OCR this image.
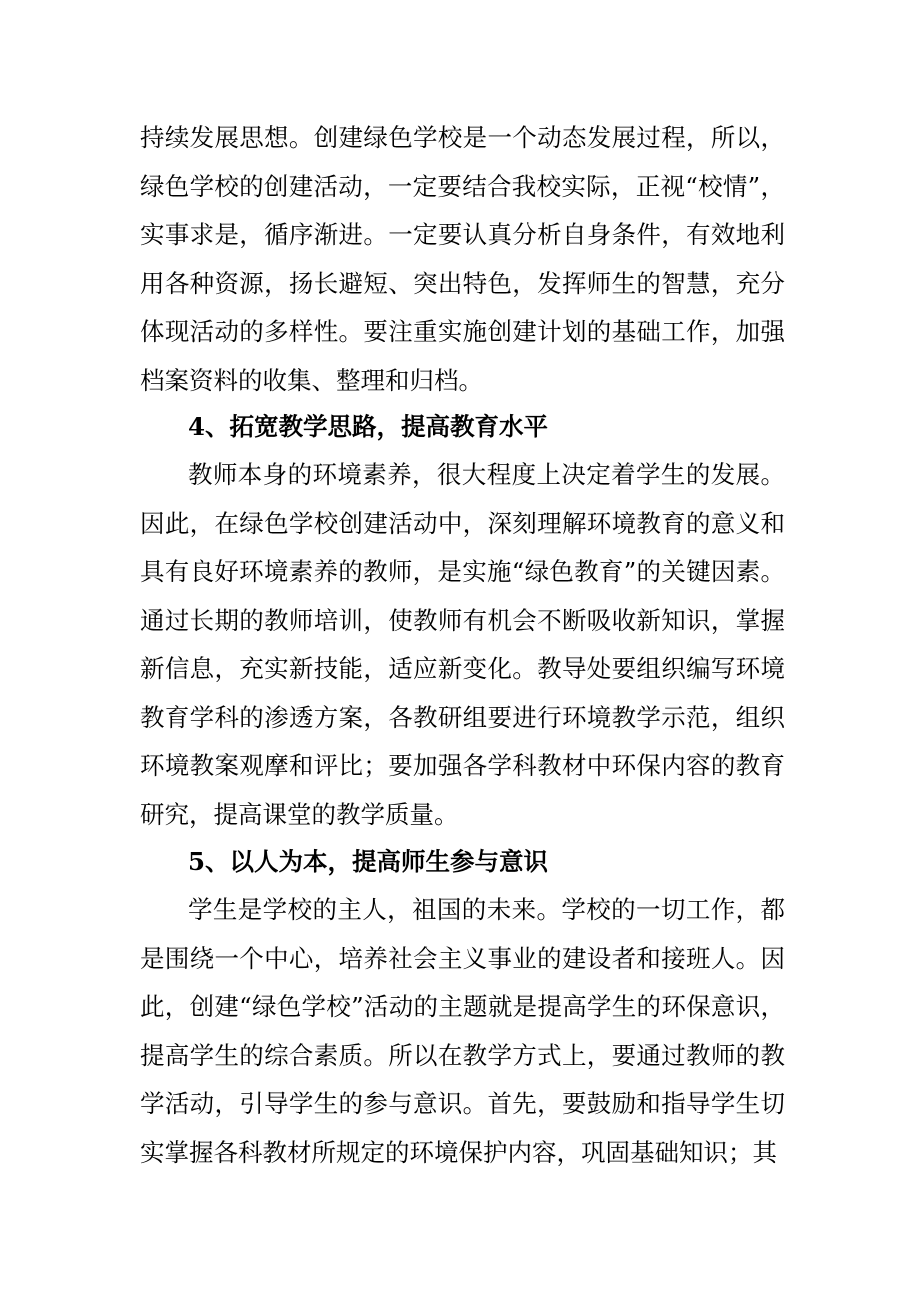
持续发展思想。创建绿色学校是一个动态发展过程，所以，绿色学校的创建活动，一定要结合我校实际，正视“校情”，实事求是，循序渐进。一定要认真分析自身条件，有效地利用各种资源，扬长避短、突出特色，发挥师生的智慧，充分体现活动的多样性。要注重实施创建计划的基础工作，加强档案资料的收集、整理和归档。

4、拓宽教学思路，提高教育水平

教师本身的环境素养，很大程度上决定着学生的发展。因此，在绿色学校创建活动中，深刻理解环境教育的意义和具有良好环境素养的教师，是实施“绿色教育”的关键因素。通过长期的教师培训，使教师有机会不断吸收新知识，掌握新信息，充实新技能，适应新变化。教导处要组织编写环境教育学科的渗透方案，各教研组要进行环境教学示范，组织环境教案观摩和评比；要加强各学科教材中环保内容的教育研究，提高课堂的教学质量。

5、以人为本，提高师生参与意识

学生是学校的主人，祖国的未来。学校的一切工作，都是围绕一个中心，培养社会主义事业的建设者和接班人。因此，创建“绿色学校”活动的主题就是提高学生的环保意识，提高学生的综合素质。所以在教学方式上，要通过教师的教学活动，引导学生的参与意识。首先，要鼓励和指导学生切实掌握各科教材所规定的环境保护内容，巩固基础知识；其
